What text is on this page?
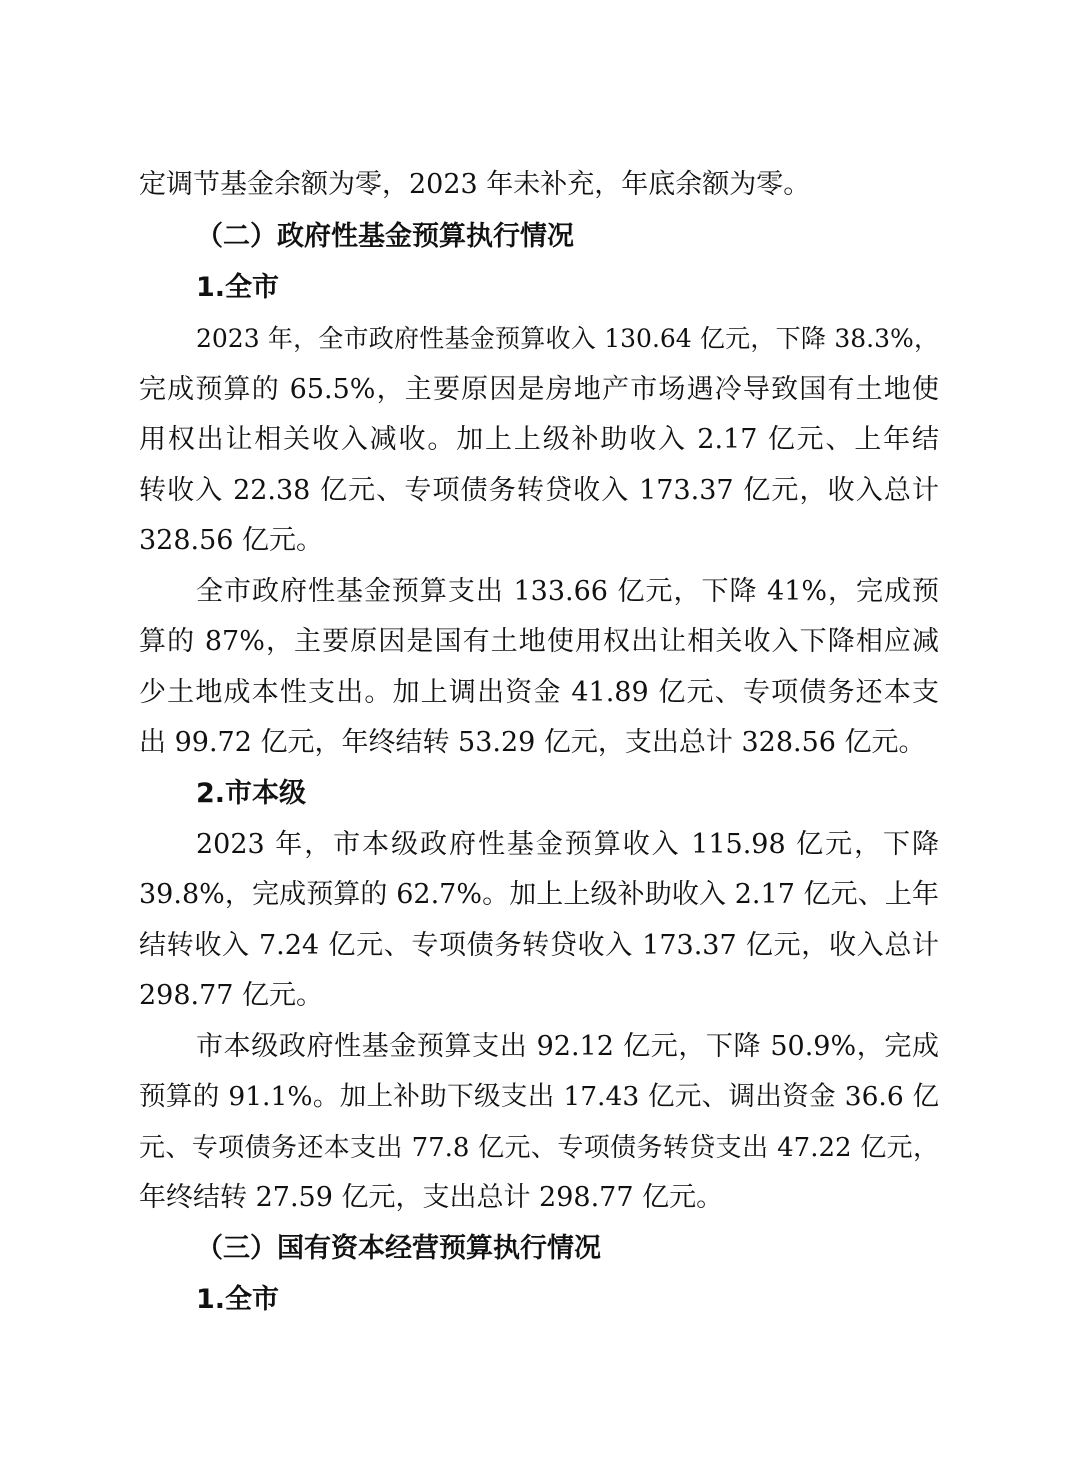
定调节基金余额为零，2023 年未补充，年底余额为零。
（二）政府性基金预算执行情况
1.全市
2023 年，全市政府性基金预算收入 130.64 亿元，下降 38.3%，
完成预算的 65.5%，主要原因是房地产市场遇冷导致国有土地使
用权出让相关收入减收。加上上级补助收入 2.17 亿元、上年结
转收入 22.38 亿元、专项债务转贷收入 173.37 亿元，收入总计
328.56 亿元。
全市政府性基金预算支出 133.66 亿元，下降 41%，完成预
算的 87%，主要原因是国有土地使用权出让相关收入下降相应减
少土地成本性支出。加上调出资金 41.89 亿元、专项债务还本支
出 99.72 亿元，年终结转 53.29 亿元，支出总计 328.56 亿元。
2.市本级
2023 年，市本级政府性基金预算收入 115.98 亿元，下降
39.8%，完成预算的 62.7%。加上上级补助收入 2.17 亿元、上年
结转收入 7.24 亿元、专项债务转贷收入 173.37 亿元，收入总计
298.77 亿元。
市本级政府性基金预算支出 92.12 亿元，下降 50.9%，完成
预算的 91.1%。加上补助下级支出 17.43 亿元、调出资金 36.6 亿
元、专项债务还本支出 77.8 亿元、专项债务转贷支出 47.22 亿元，
年终结转 27.59 亿元，支出总计 298.77 亿元。
（三）国有资本经营预算执行情况
1.全市
